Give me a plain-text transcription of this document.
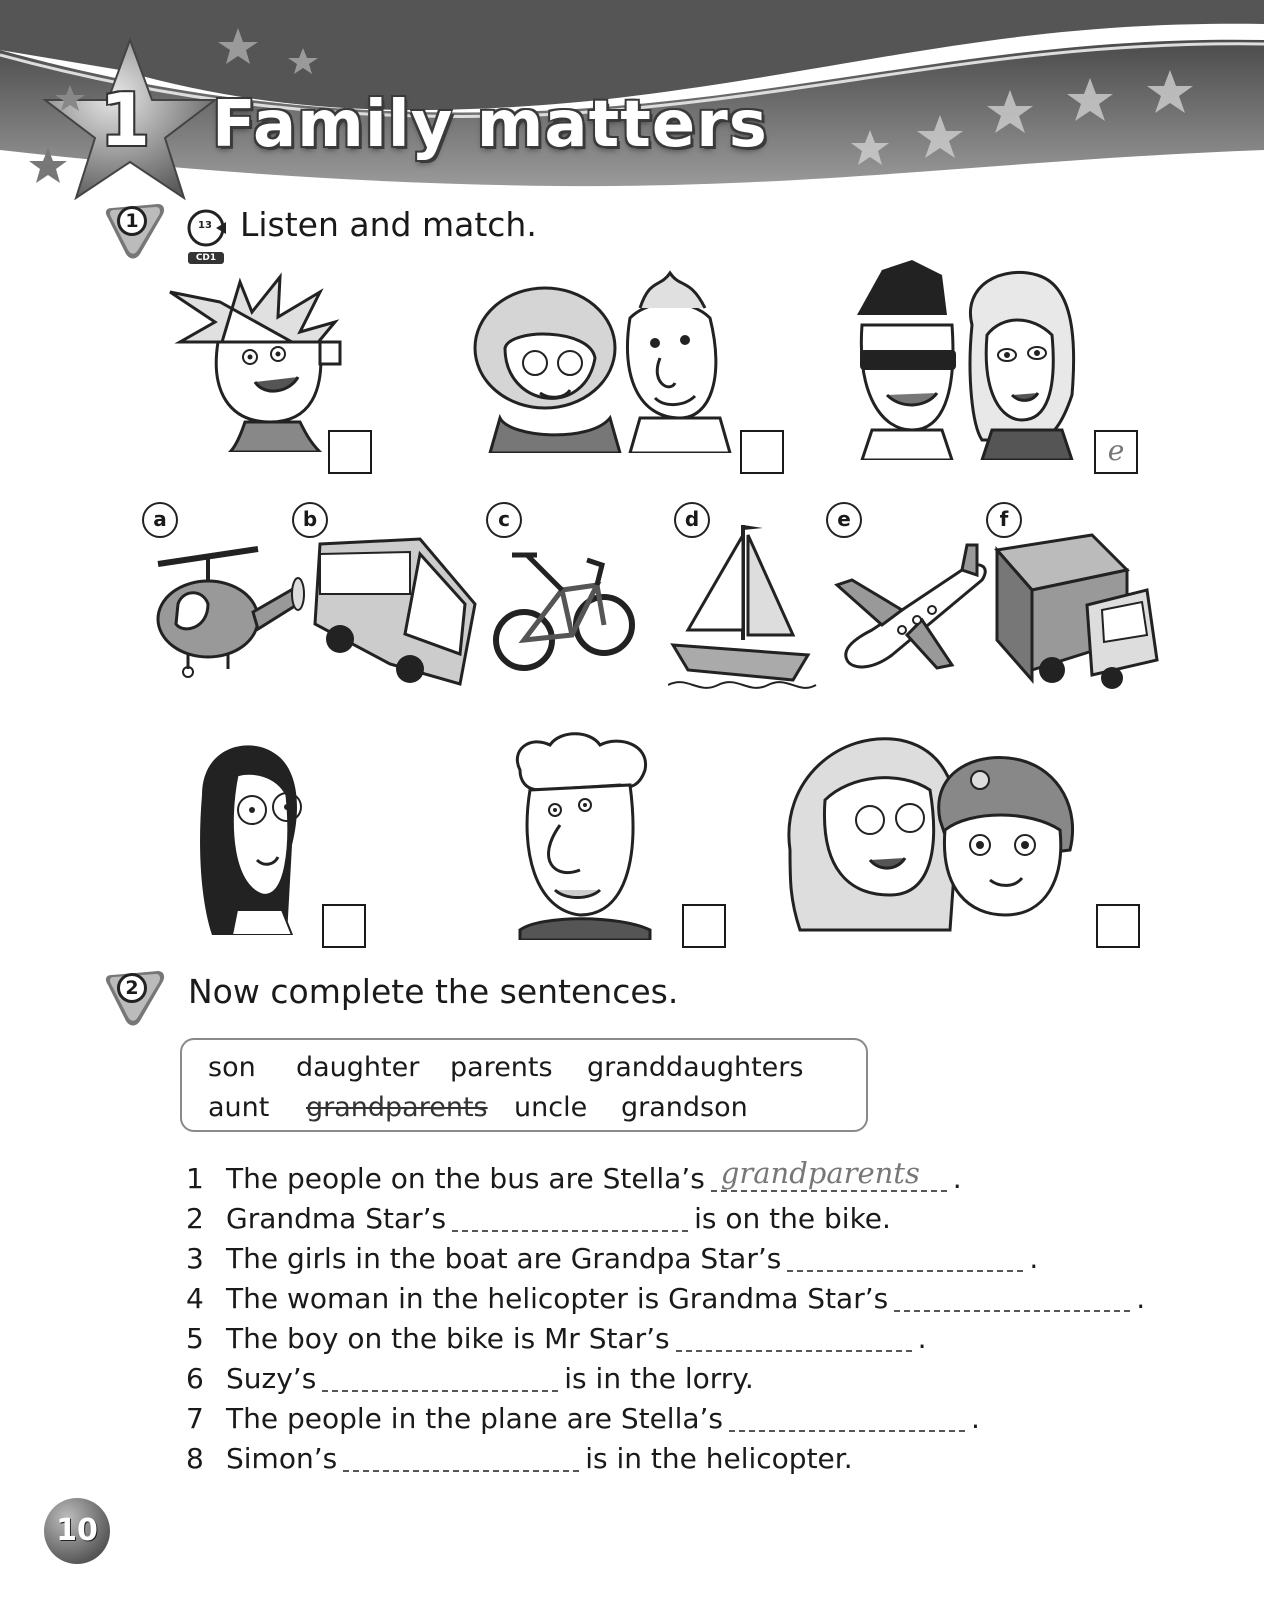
1 Family matters
1	13
CD1
Listen and match.
e
a	b	c	d	e	f
2 Now complete the sentences.
son daughter parents granddaughters
aunt grandparents uncle grandson
1 The people on the bus are Stella’s grandparents .
2 Grandma Star’s	is on the bike.
3 The girls in the boat are Grandpa Star’s	.
4 The woman in the helicopter is Grandma Star’s	.
5 The boy on the bike is Mr Star’s	.
6 Suzy’s	is in the lorry.
7 The people in the plane are Stella’s	.
8 Simon’s	is in the helicopter.
10
